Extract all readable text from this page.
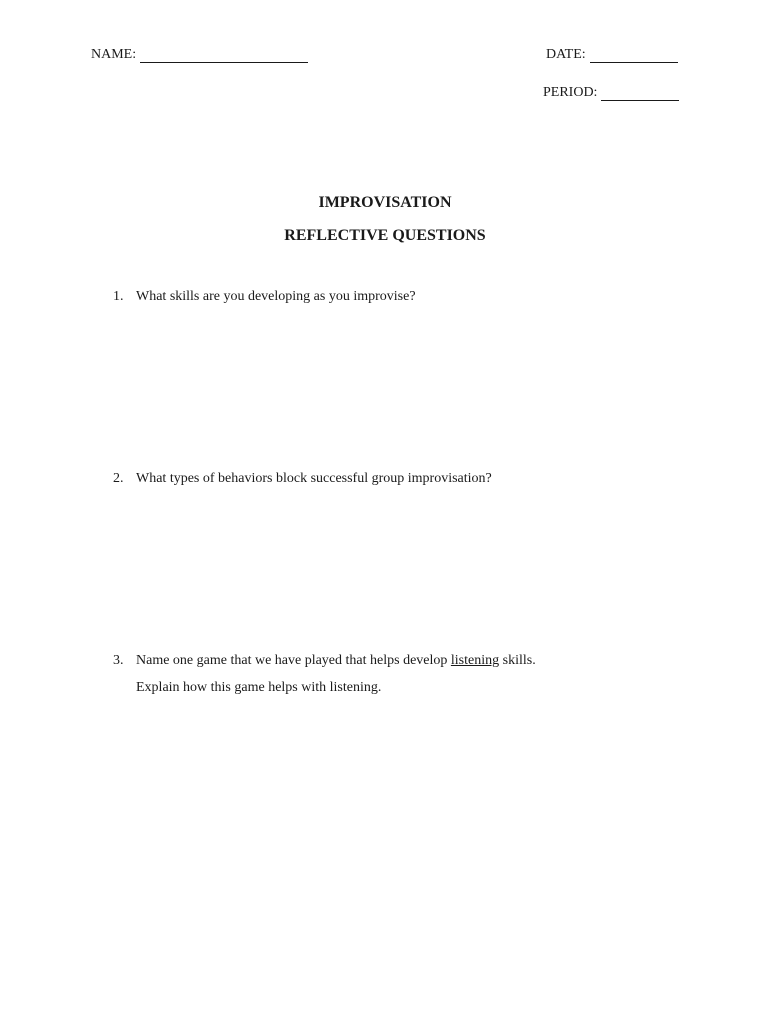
NAME:	DATE:
PERIOD:
IMPROVISATION
REFLECTIVE QUESTIONS
1. What skills are you developing as you improvise?
2. What types of behaviors block successful group improvisation?
3. Name one game that we have played that helps develop listening skills.
Explain how this game helps with listening.
